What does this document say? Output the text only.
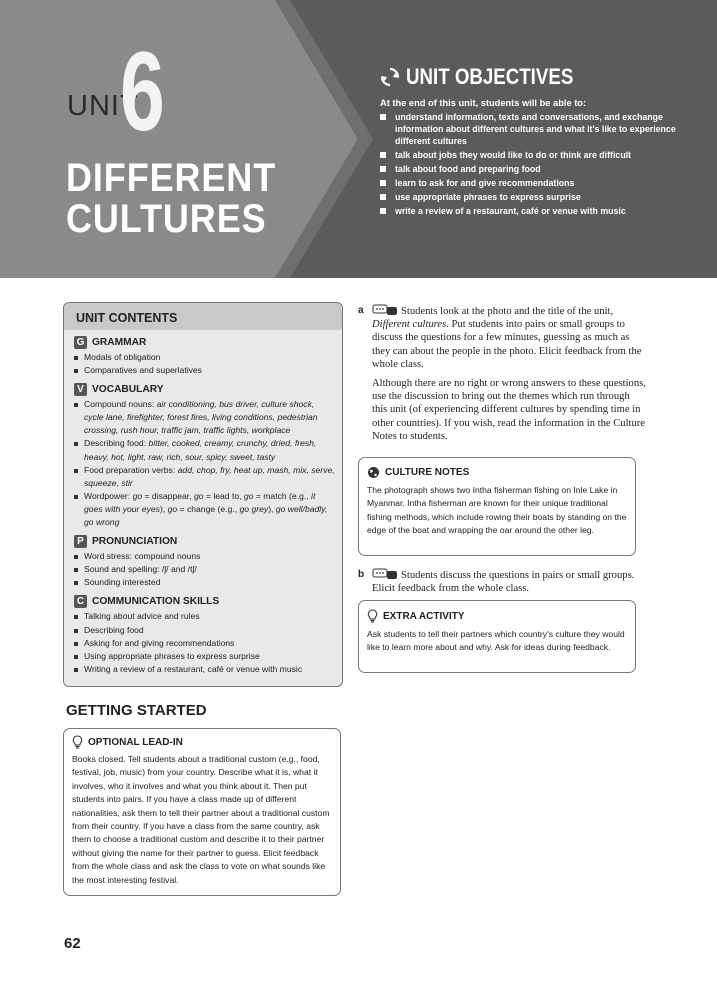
UNIT
6
DIFFERENT
CULTURES
UNIT OBJECTIVES
At the end of this unit, students will be able to:
understand information, texts and conversations, and exchange information about different cultures and what it's like to experience different cultures
talk about jobs they would like to do or think are difficult
talk about food and preparing food
learn to ask for and give recommendations
use appropriate phrases to express surprise
write a review of a restaurant, café or venue with music
UNIT CONTENTS
G GRAMMAR
Modals of obligation
Comparatives and superlatives
V VOCABULARY
Compound nouns: air conditioning, bus driver, culture shock, cycle lane, firefighter, forest fires, living conditions, pedestrian crossing, rush hour, traffic jam, traffic lights, workplace
Describing food: bitter, cooked, creamy, crunchy, dried, fresh, heavy, hot, light, raw, rich, sour, spicy, sweet, tasty
Food preparation verbs: add, chop, fry, heat up, mash, mix, serve, squeeze, stir
Wordpower: go = disappear, go = lead to, go = match (e.g., it goes with your eyes), go = change (e.g., go grey), go well/badly, go wrong
P PRONUNCIATION
Word stress: compound nouns
Sound and spelling: /ʃ/ and /tʃ/
Sounding interested
C COMMUNICATION SKILLS
Talking about advice and rules
Describing food
Asking for and giving recommendations
Using appropriate phrases to express surprise
Writing a review of a restaurant, café or venue with music
GETTING STARTED
OPTIONAL LEAD-IN
Books closed. Tell students about a traditional custom (e.g., food, festival, job, music) from your country. Describe what it is, what it involves, who it involves and what you think about it. Then put students into pairs. If you have a class made up of different nationalities, ask them to tell their partner about a traditional custom from their country. If you have a class from the same country, ask them to choose a traditional custom and describe it to their partner without giving the name for their partner to guess. Elicit feedback from the whole class and ask the class to vote on what sounds like the most interesting festival.
a	Students look at the photo and the title of the unit, Different cultures. Put students into pairs or small groups to discuss the questions for a few minutes, guessing as much as they can about the people in the photo. Elicit feedback from the whole class.

Although there are no right or wrong answers to these questions, use the discussion to bring out the themes which run through this unit (of experiencing different cultures by spending time in other countries). If you wish, read the information in the Culture Notes to students.

CULTURE NOTES
The photograph shows two Intha fisherman fishing on Inle Lake in Myanmar. Intha fisherman are known for their unique traditional fishing methods, which include rowing their boats by standing on the edge of the boat and wrapping the oar around the other leg.
b	Students discuss the questions in pairs or small groups. Elicit feedback from the whole class.

EXTRA ACTIVITY
Ask students to tell their partners which country's culture they would like to learn more about and why. Ask for ideas during feedback.
62
